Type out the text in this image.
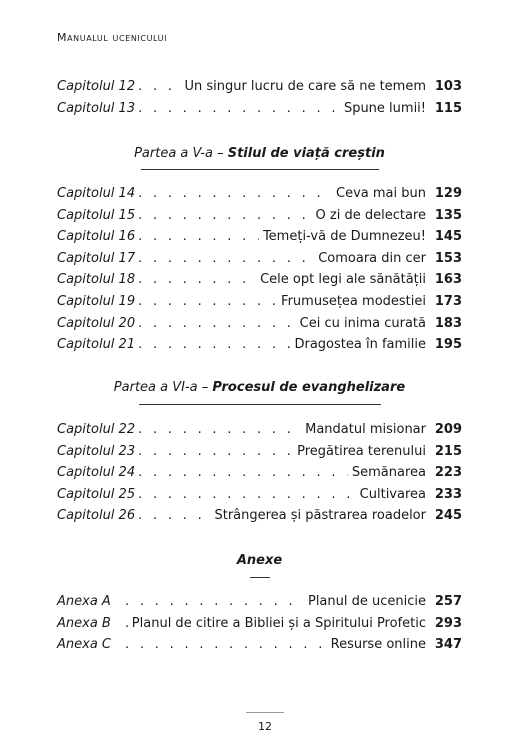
Manualul ucenicului
Capitolul 12 . . .	Un singur lucru de care să ne temem 103
Capitolul 13 . . .	Spune lumii! 115
Partea a V-a – Stilul de viață creștin
Capitolul 14 . . .	Ceva mai bun 129
Capitolul 15 . . .	O zi de delectare 135
Capitolul 16 . . .	Temeți-vă de Dumnezeu! 145
Capitolul 17 . . .	Comoara din cer 153
Capitolul 18 . . .	Cele opt legi ale sănătății 163
Capitolul 19 . . .	Frumusețea modestiei 173
Capitolul 20 . . .	Cei cu inima curată 183
Capitolul 21 . . .	Dragostea în familie 195
Partea a VI-a – Procesul de evanghelizare
Capitolul 22 . . .	Mandatul misionar 209
Capitolul 23 . . .	Pregătirea terenului 215
Capitolul 24 . . .	Semănarea 223
Capitolul 25 . . .	Cultivarea 233
Capitolul 26 . . .	Strângerea și păstrarea roadelor 245
Anexe
Anexa A . . .	Planul de ucenicie 257
Anexa B . . .	Planul de citire a Bibliei și a Spiritului Profetic 293
Anexa C . . .	Resurse online 347
12
